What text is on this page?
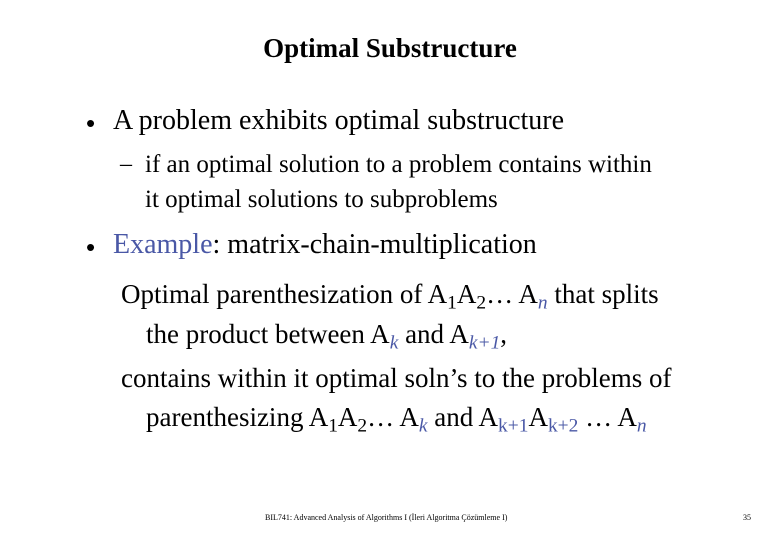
Optimal Substructure
• A problem exhibits optimal substructure
– if an optimal solution to a problem contains within
it optimal solutions to subproblems
• Example: matrix-chain-multiplication
Optimal parenthesization of $A_1A_2\dots$ $A_n$ that splits
the product between $A_k$ and $A_{k+1}$,
contains within it optimal soln’s to the problems of
parenthesizing $A_1A_2\dots$ $A_k$ and $A_{k+1}A_{k+2}$ … $A_n$
BIL741: Advanced Analysis of Algorithms I (İleri Algoritma Çözümleme I)	35
